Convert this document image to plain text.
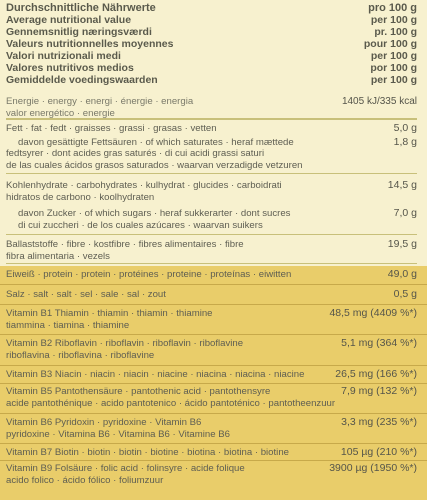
Durchschnittliche Nährwerte	pro 100 g
Average nutritional value	per 100 g
Gennemsnitlig næringsværdi	pr. 100 g
Valeurs nutritionnelles moyennes	pour 100 g
Valori nutrizionali medi	per 100 g
Valores nutritivos medios	por 100 g
Gemiddelde voedingswaarden	per 100 g
Energie · energy · energi · énergie · energia	1405 kJ/335 kcal
valor energético · energie
Fett · fat · fedt · graisses · grassi · grasas · vetten	5,0 g
davon gesättigte Fettsäuren · of which saturates · heraf mættede	1,8 g
fedtsyrer · dont acides gras saturés · di cui acidi grassi saturi
de las cuales ácidos grasos saturados · waarvan verzadigde vetzuren
Kohlenhydrate · carbohydrates · kulhydrat · glucides · carboidrati	14,5 g
hidratos de carbono · koolhydraten
davon Zucker · of which sugars · heraf sukkerarter · dont sucres	7,0 g
di cui zuccheri · de los cuales azúcares · waarvan suikers
Ballaststoffe · fibre · kostfibre · fibres alimentaires · fibre	19,5 g
fibra alimentaria · vezels
Eiweiß · protein · protein · protéines · proteine · proteínas · eiwitten	49,0 g
Salz · salt · salt · sel · sale · sal · zout	0,5 g
Vitamin B1 Thiamin · thiamin · thiamin · thiamine	48,5 mg (4409 %*)
tiammina · tiamina · thiamine
Vitamin B2 Riboflavin · riboflavin · riboflavin · riboflavine	5,1 mg (364 %*)
riboflavina · riboflavina · riboflavine
Vitamin B3 Niacin · niacin · niacin · niacine · niacina · niacina · niacine	26,5 mg (166 %*)
Vitamin B5 Pantothensäure · pantothenic acid · pantothensyre	7,9 mg (132 %*)
acide pantothénique · acido pantotenico · ácido pantoténico · pantotheenzuur
Vitamin B6 Pyridoxin · pyridoxine · Vitamin B6	3,3 mg (235 %*)
pyridoxine · Vitamina B6 · Vitamina B6 · Vitamine B6
Vitamin B7 Biotin · biotin · biotin · biotine · biotina · biotina · biotine	105 µg (210 %*)
Vitamin B9 Folsäure · folic acid · folinsyre · acide folique	3900 µg (1950 %*)
acido folico · ácido fólico · foliumzuur
